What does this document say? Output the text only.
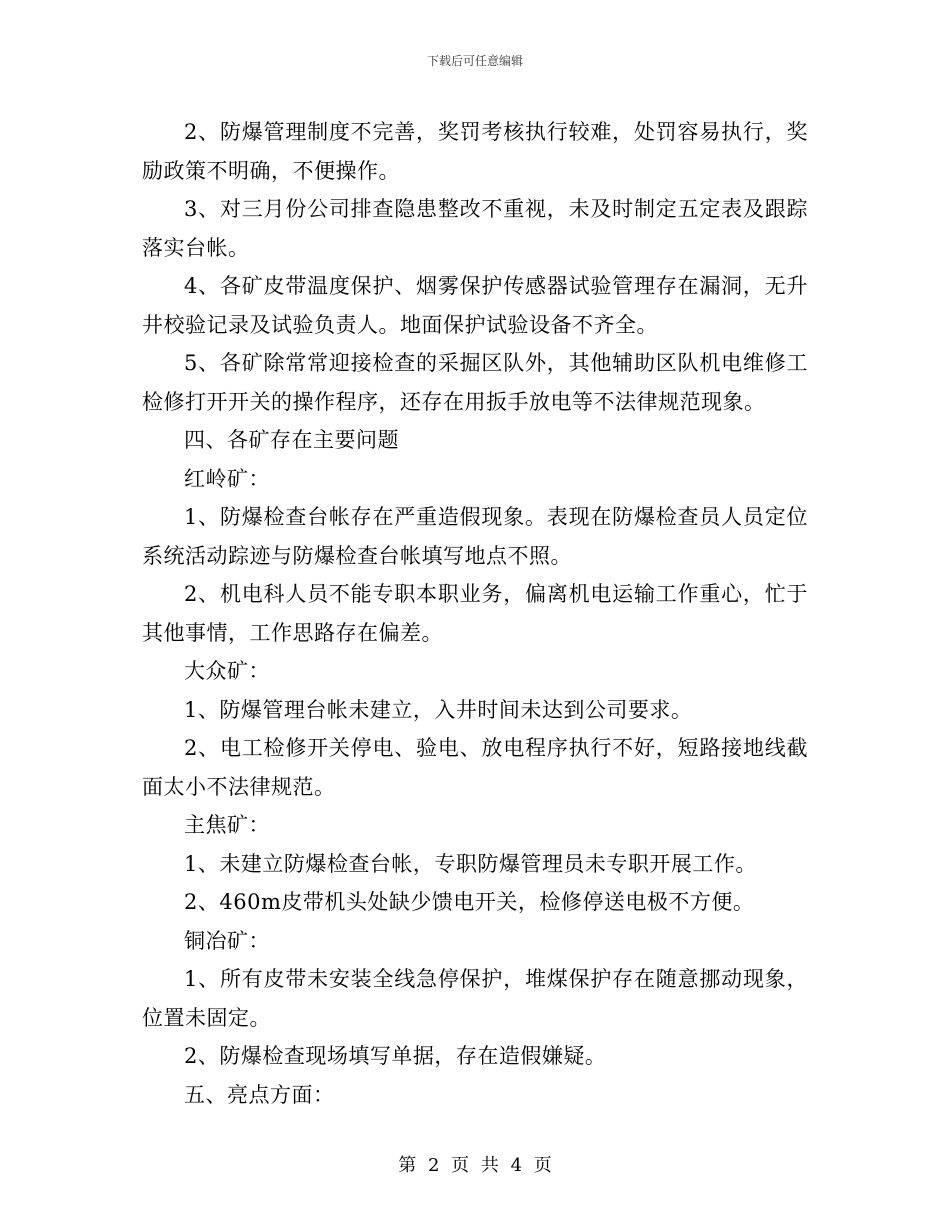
下载后可任意编辑

2、防爆管理制度不完善，奖罚考核执行较难，处罚容易执行，奖励政策不明确，不便操作。

3、对三月份公司排查隐患整改不重视，未及时制定五定表及跟踪落实台帐。

4、各矿皮带温度保护、烟雾保护传感器试验管理存在漏洞，无升井校验记录及试验负责人。地面保护试验设备不齐全。

5、各矿除常常迎接检查的采掘区队外，其他辅助区队机电维修工检修打开开关的操作程序，还存在用扳手放电等不法律规范现象。

四、各矿存在主要问题

红岭矿：

1、防爆检查台帐存在严重造假现象。表现在防爆检查员人员定位系统活动踪迹与防爆检查台帐填写地点不照。

2、机电科人员不能专职本职业务，偏离机电运输工作重心，忙于其他事情，工作思路存在偏差。

大众矿：

1、防爆管理台帐未建立，入井时间未达到公司要求。

2、电工检修开关停电、验电、放电程序执行不好，短路接地线截面太小不法律规范。

主焦矿：

1、未建立防爆检查台帐，专职防爆管理员未专职开展工作。

2、460m皮带机头处缺少馈电开关，检修停送电极不方便。

铜冶矿：

1、所有皮带未安装全线急停保护，堆煤保护存在随意挪动现象，位置未固定。

2、防爆检查现场填写单据，存在造假嫌疑。

五、亮点方面：

第 2 页 共 4 页
